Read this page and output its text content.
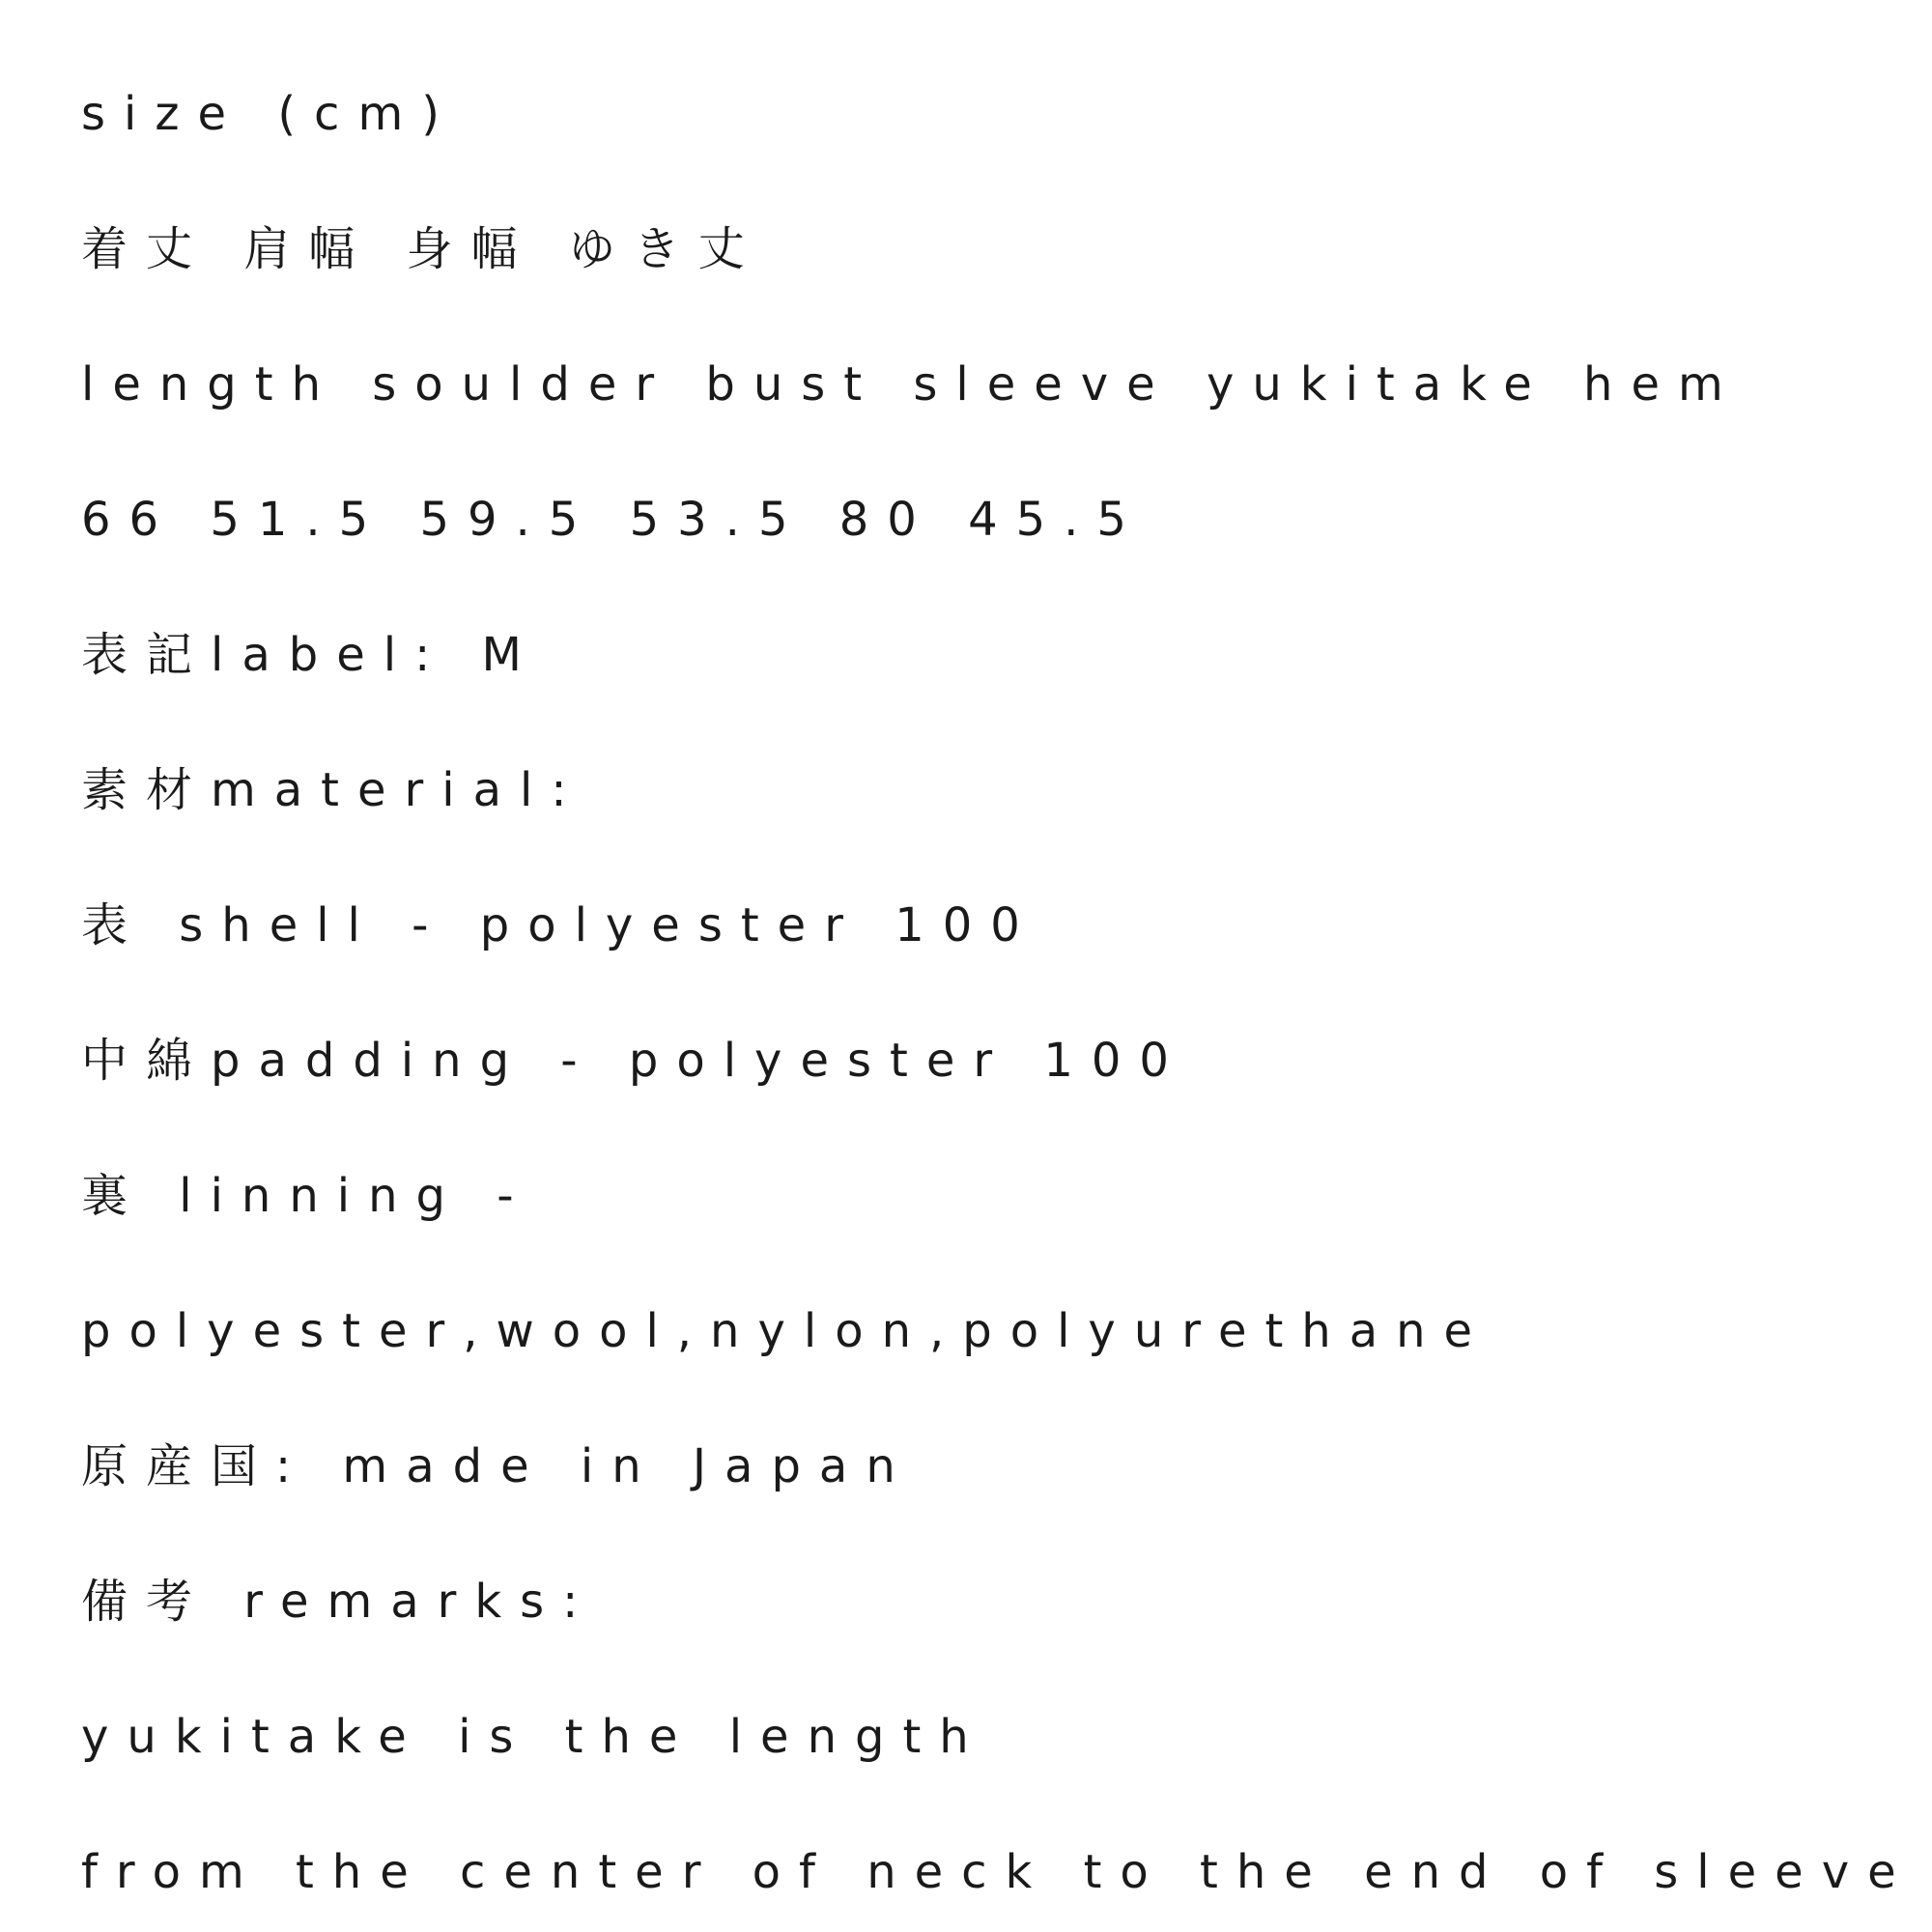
size (cm)
着丈 肩幅 身幅 ゆき丈
length soulder bust sleeve yukitake hem
66 51.5 59.5 53.5 80 45.5
表記label: M
素材material:
表 shell - polyester 100
中綿padding - polyester 100
裏 linning -
polyester,wool,nylon,polyurethane
原産国: made in Japan
備考 remarks:
yukitake is the length
from the center of neck to the end of sleeve
